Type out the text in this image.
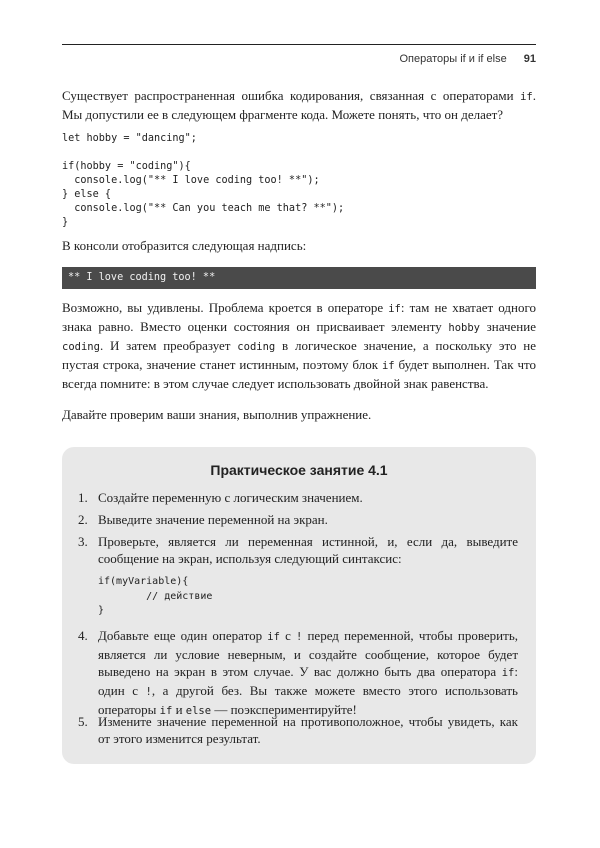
Операторы if и if else 91

Существует распространенная ошибка кодирования, связанная с операторами if. Мы допустили ее в следующем фрагменте кода. Можете понять, что он делает?

let hobby = "dancing";

if(hobby = "coding"){
console.log("** I love coding too! **");
} else {
console.log("** Can you teach me that? **");
}

В консоли отобразится следующая надпись:

** I love coding too! **

Возможно, вы удивлены. Проблема кроется в операторе if: там не хватает одного знака равно. Вместо оценки состояния он присваивает элементу hobby значение coding. И затем преобразует coding в логическое значение, а поскольку это не пустая строка, значение станет истинным, поэтому блок if будет выполнен. Так что всегда помните: в этом случае следует использовать двойной знак равенства.

Давайте проверим ваши знания, выполнив упражнение.

Практическое занятие 4.1
1. Создайте переменную с логическим значением.
2. Выведите значение переменной на экран.
3. Проверьте, является ли переменная истинной, и, если да, выведите сообщение на экран, используя следующий синтаксис:
if(myVariable){
// действие
}
4. Добавьте еще один оператор if с ! перед переменной, чтобы проверить, является ли условие неверным, и создайте сообщение, которое будет выведено на экран в этом случае. У вас должно быть два оператора if: один с !, а другой без. Вы также можете вместо этого использовать операторы if и else — поэкспериментируйте!
5. Измените значение переменной на противоположное, чтобы увидеть, как от этого изменится результат.
